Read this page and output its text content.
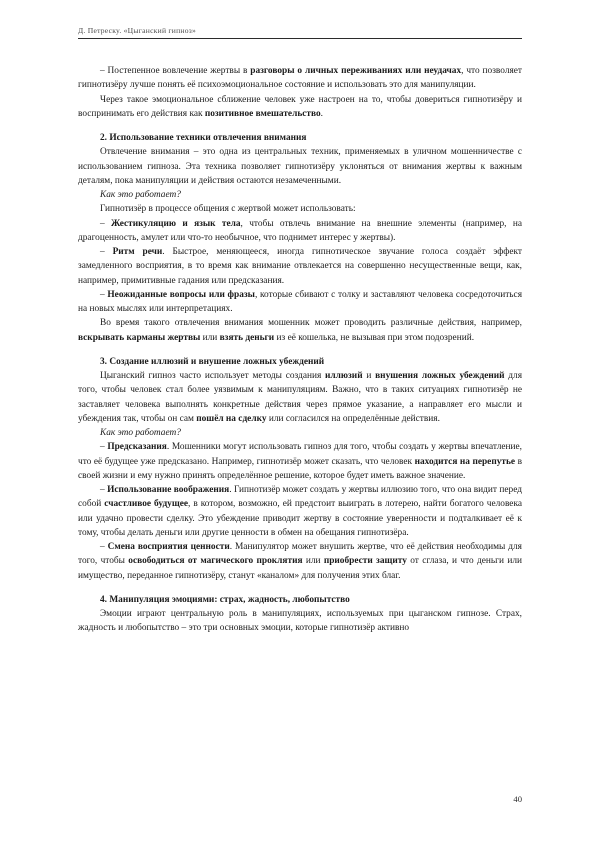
Д. Петреску. «Цыганский гипноз»

– Постепенное вовлечение жертвы в разговоры о личных переживаниях или неудачах, что позволяет гипнотизёру лучше понять её психоэмоциональное состояние и использовать это для манипуляции.

Через такое эмоциональное сближение человек уже настроен на то, чтобы довериться гипнотизёру и воспринимать его действия как позитивное вмешательство.

2. Использование техники отвлечения внимания

Отвлечение внимания – это одна из центральных техник, применяемых в уличном мошенничестве с использованием гипноза. Эта техника позволяет гипнотизёру уклоняться от внимания жертвы к важным деталям, пока манипуляции и действия остаются незамеченными.

Как это работает?

Гипнотизёр в процессе общения с жертвой может использовать:

– Жестикуляцию и язык тела, чтобы отвлечь внимание на внешние элементы (например, на драгоценность, амулет или что-то необычное, что поднимет интерес у жертвы).

– Ритм речи. Быстрое, меняющееся, иногда гипнотическое звучание голоса создаёт эффект замедленного восприятия, в то время как внимание отвлекается на совершенно несущественные вещи, как, например, примитивные гадания или предсказания.

– Неожиданные вопросы или фразы, которые сбивают с толку и заставляют человека сосредоточиться на новых мыслях или интерпретациях.

Во время такого отвлечения внимания мошенник может проводить различные действия, например, вскрывать карманы жертвы или взять деньги из её кошелька, не вызывая при этом подозрений.

3. Создание иллюзий и внушение ложных убеждений

Цыганский гипноз часто использует методы создания иллюзий и внушения ложных убеждений для того, чтобы человек стал более уязвимым к манипуляциям. Важно, что в таких ситуациях гипнотизёр не заставляет человека выполнять конкретные действия через прямое указание, а направляет его мысли и убеждения так, чтобы он сам пошёл на сделку или согласился на определённые действия.

Как это работает?

– Предсказания. Мошенники могут использовать гипноз для того, чтобы создать у жертвы впечатление, что её будущее уже предсказано. Например, гипнотизёр может сказать, что человек находится на перепутье в своей жизни и ему нужно принять определённое решение, которое будет иметь важное значение.

– Использование воображения. Гипнотизёр может создать у жертвы иллюзию того, что она видит перед собой счастливое будущее, в котором, возможно, ей предстоит выиграть в лотерею, найти богатого человека или удачно провести сделку. Это убеждение приводит жертву в состояние уверенности и подталкивает её к тому, чтобы делать деньги или другие ценности в обмен на обещания гипнотизёра.

– Смена восприятия ценности. Манипулятор может внушить жертве, что её действия необходимы для того, чтобы освободиться от магического проклятия или приобрести защиту от сглаза, и что деньги или имущество, переданное гипнотизёру, станут «каналом» для получения этих благ.

4. Манипуляция эмоциями: страх, жадность, любопытство

Эмоции играют центральную роль в манипуляциях, используемых при цыганском гипнозе. Страх, жадность и любопытство – это три основных эмоции, которые гипнотизёр активно

40
